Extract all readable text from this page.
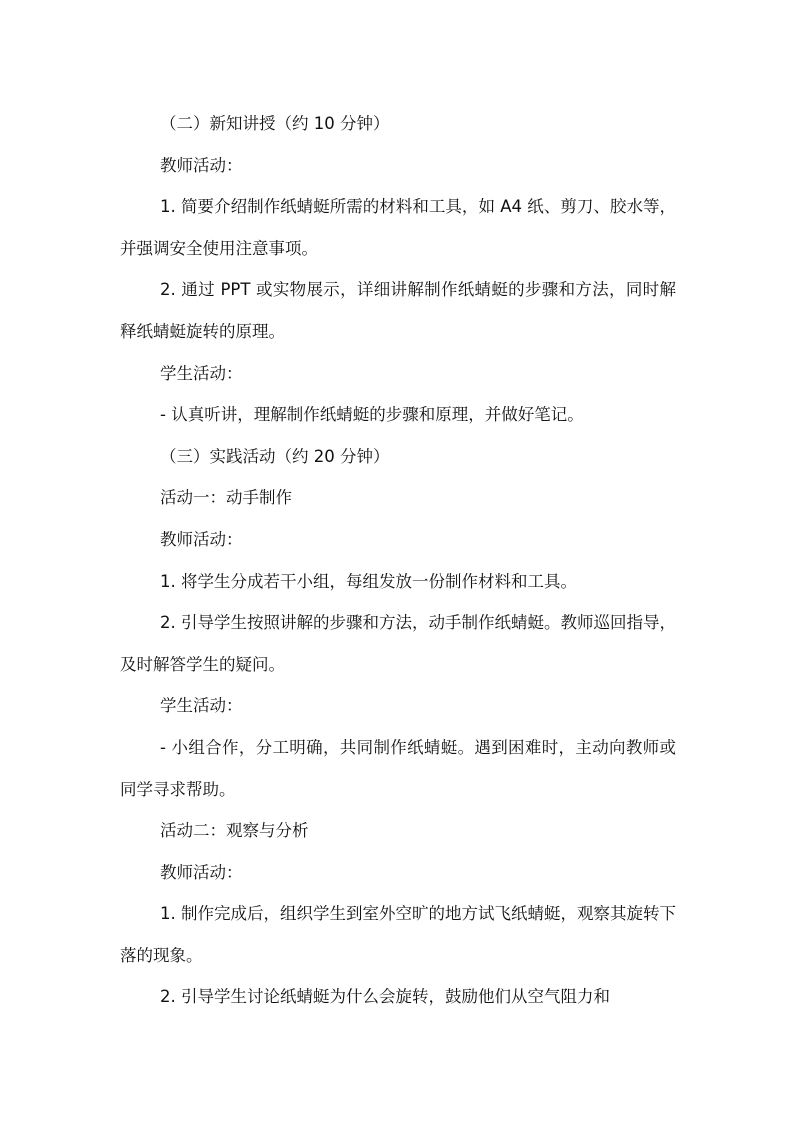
（二）新知讲授（约 10 分钟）

教师活动：

1. 简要介绍制作纸蜻蜓所需的材料和工具，如 A4 纸、剪刀、胶水等，并强调安全使用注意事项。

2. 通过 PPT 或实物展示，详细讲解制作纸蜻蜓的步骤和方法，同时解释纸蜻蜓旋转的原理。

学生活动：

- 认真听讲，理解制作纸蜻蜓的步骤和原理，并做好笔记。

（三）实践活动（约 20 分钟）

活动一：动手制作

教师活动：

1. 将学生分成若干小组，每组发放一份制作材料和工具。

2. 引导学生按照讲解的步骤和方法，动手制作纸蜻蜓。教师巡回指导，及时解答学生的疑问。

学生活动：

- 小组合作，分工明确，共同制作纸蜻蜓。遇到困难时，主动向教师或同学寻求帮助。

活动二：观察与分析

教师活动：

1. 制作完成后，组织学生到室外空旷的地方试飞纸蜻蜓，观察其旋转下落的现象。

2. 引导学生讨论纸蜻蜓为什么会旋转，鼓励他们从空气阻力和
